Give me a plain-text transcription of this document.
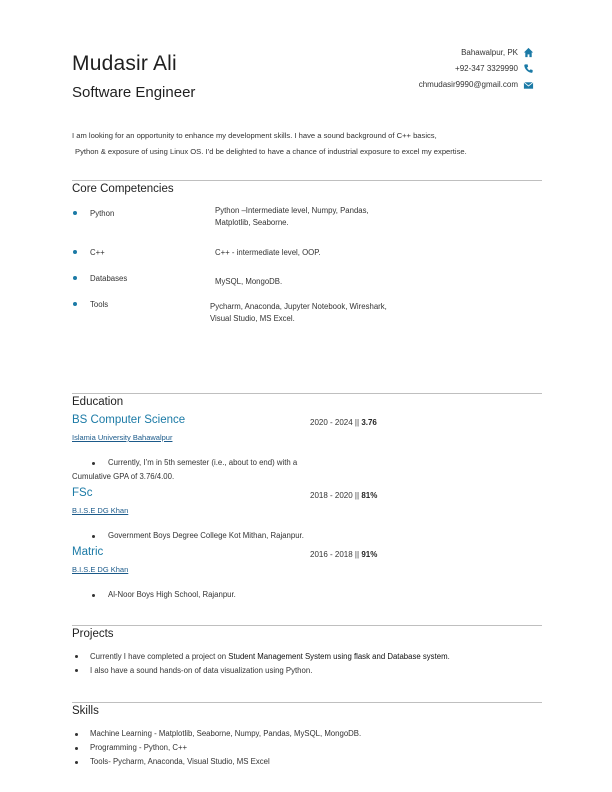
Mudasir Ali
Software Engineer
Bahawalpur, PK
+92-347 3329990
chmudasir9990@gmail.com
I am looking for an opportunity to enhance my development skills. I have a sound background of C++ basics,
Python & exposure of using Linux OS. I’d be delighted to have a chance of industrial exposure to excel my expertise.
Core Competencies
Python	Python –Intermediate level, Numpy, Pandas,
Matplotlib, Seaborne.
C++	C++ - intermediate level, OOP.
Databases	MySQL, MongoDB.
Tools	Pycharm, Anaconda, Jupyter Notebook, Wireshark,
Visual Studio, MS Excel.
Education
BS Computer Science	2020 - 2024 || 3.76
Islamia University Bahawalpur
Currently, I’m in 5th semester (i.e., about to end) with a
Cumulative GPA of 3.76/4.00.
FSc	2018 - 2020 || 81%
B.I.S.E DG Khan
Government Boys Degree College Kot Mithan, Rajanpur.
Matric	2016 - 2018 || 91%
B.I.S.E DG Khan
Al-Noor Boys High School, Rajanpur.
Projects
Currently I have completed a project on Student Management System using flask and Database system.
I also have a sound hands-on of data visualization using Python.
Skills
Machine Learning - Matplotlib, Seaborne, Numpy, Pandas, MySQL, MongoDB.
Programming - Python, C++
Tools- Pycharm, Anaconda, Visual Studio, MS Excel
